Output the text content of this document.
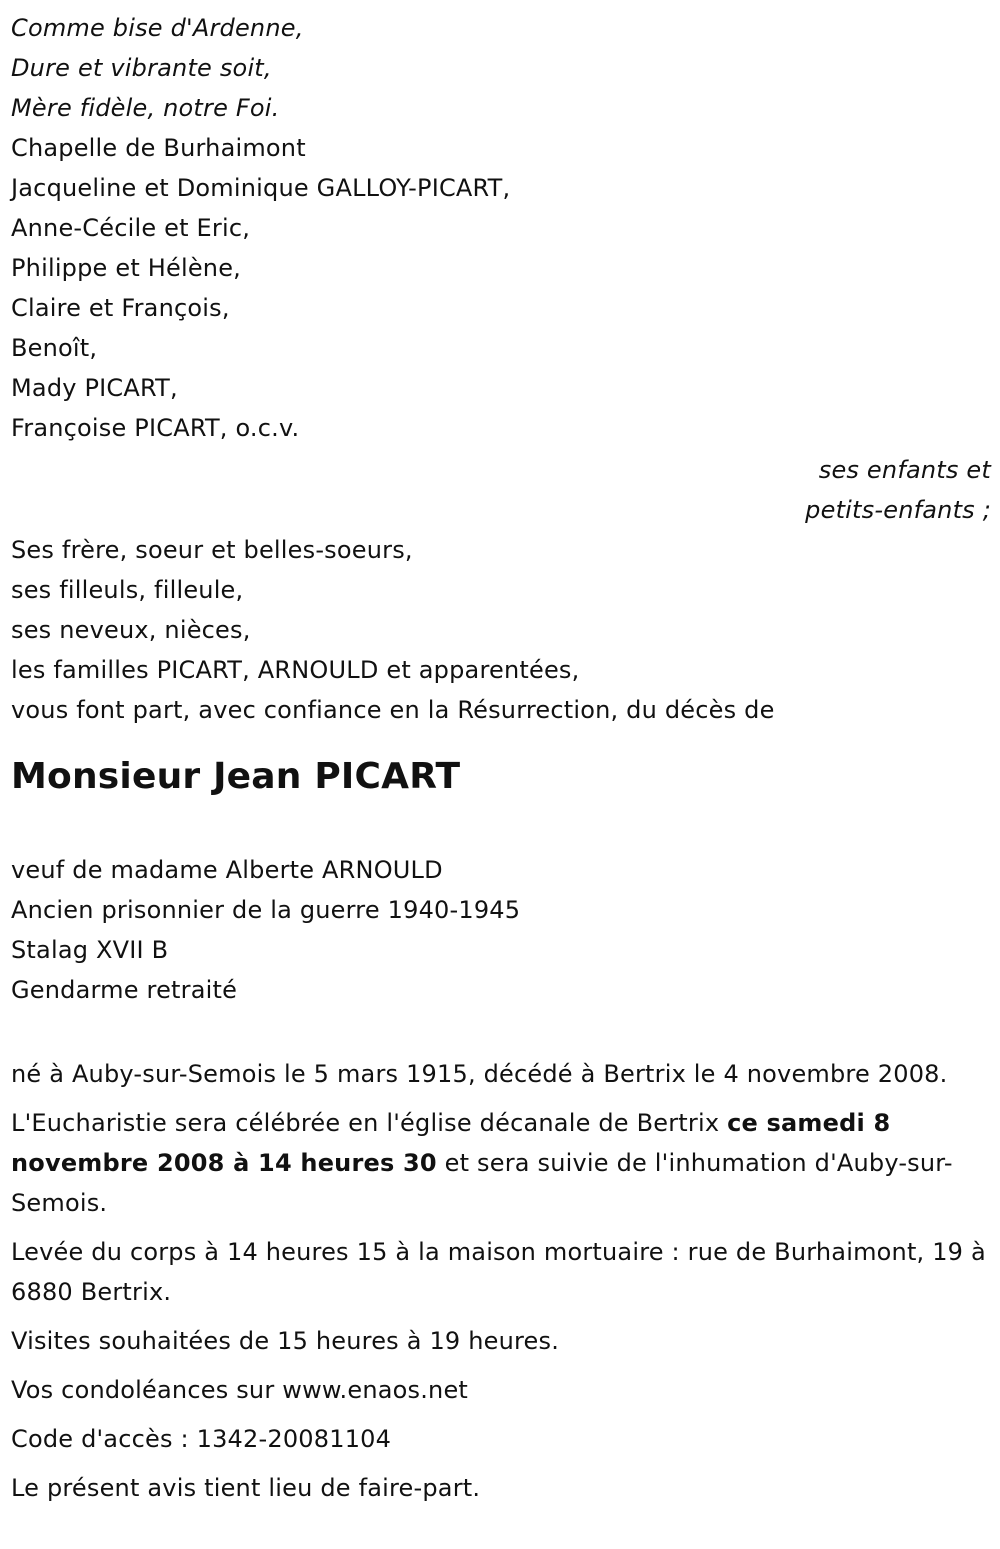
Comme bise d'Ardenne,
Dure et vibrante soit,
Mère fidèle, notre Foi.
Chapelle de Burhaimont
Jacqueline et Dominique GALLOY-PICART,
Anne-Cécile et Eric,
Philippe et Hélène,
Claire et François,
Benoît,
Mady PICART,
Françoise PICART, o.c.v.
ses enfants et
petits-enfants ;
Ses frère, soeur et belles-soeurs,
ses filleuls, filleule,
ses neveux, nièces,
les familles PICART, ARNOULD et apparentées,
vous font part, avec confiance en la Résurrection, du décès de
Monsieur Jean PICART
veuf de madame Alberte ARNOULD
Ancien prisonnier de la guerre 1940-1945
Stalag XVII B
Gendarme retraité
né à Auby-sur-Semois le 5 mars 1915, décédé à Bertrix le 4 novembre 2008.
L'Eucharistie sera célébrée en l'église décanale de Bertrix ce samedi 8 novembre 2008 à 14 heures 30 et sera suivie de l'inhumation d'Auby-sur-Semois.
Levée du corps à 14 heures 15 à la maison mortuaire : rue de Burhaimont, 19 à 6880 Bertrix.
Visites souhaitées de 15 heures à 19 heures.
Vos condoléances sur www.enaos.net
Code d'accès : 1342-20081104
Le présent avis tient lieu de faire-part.
